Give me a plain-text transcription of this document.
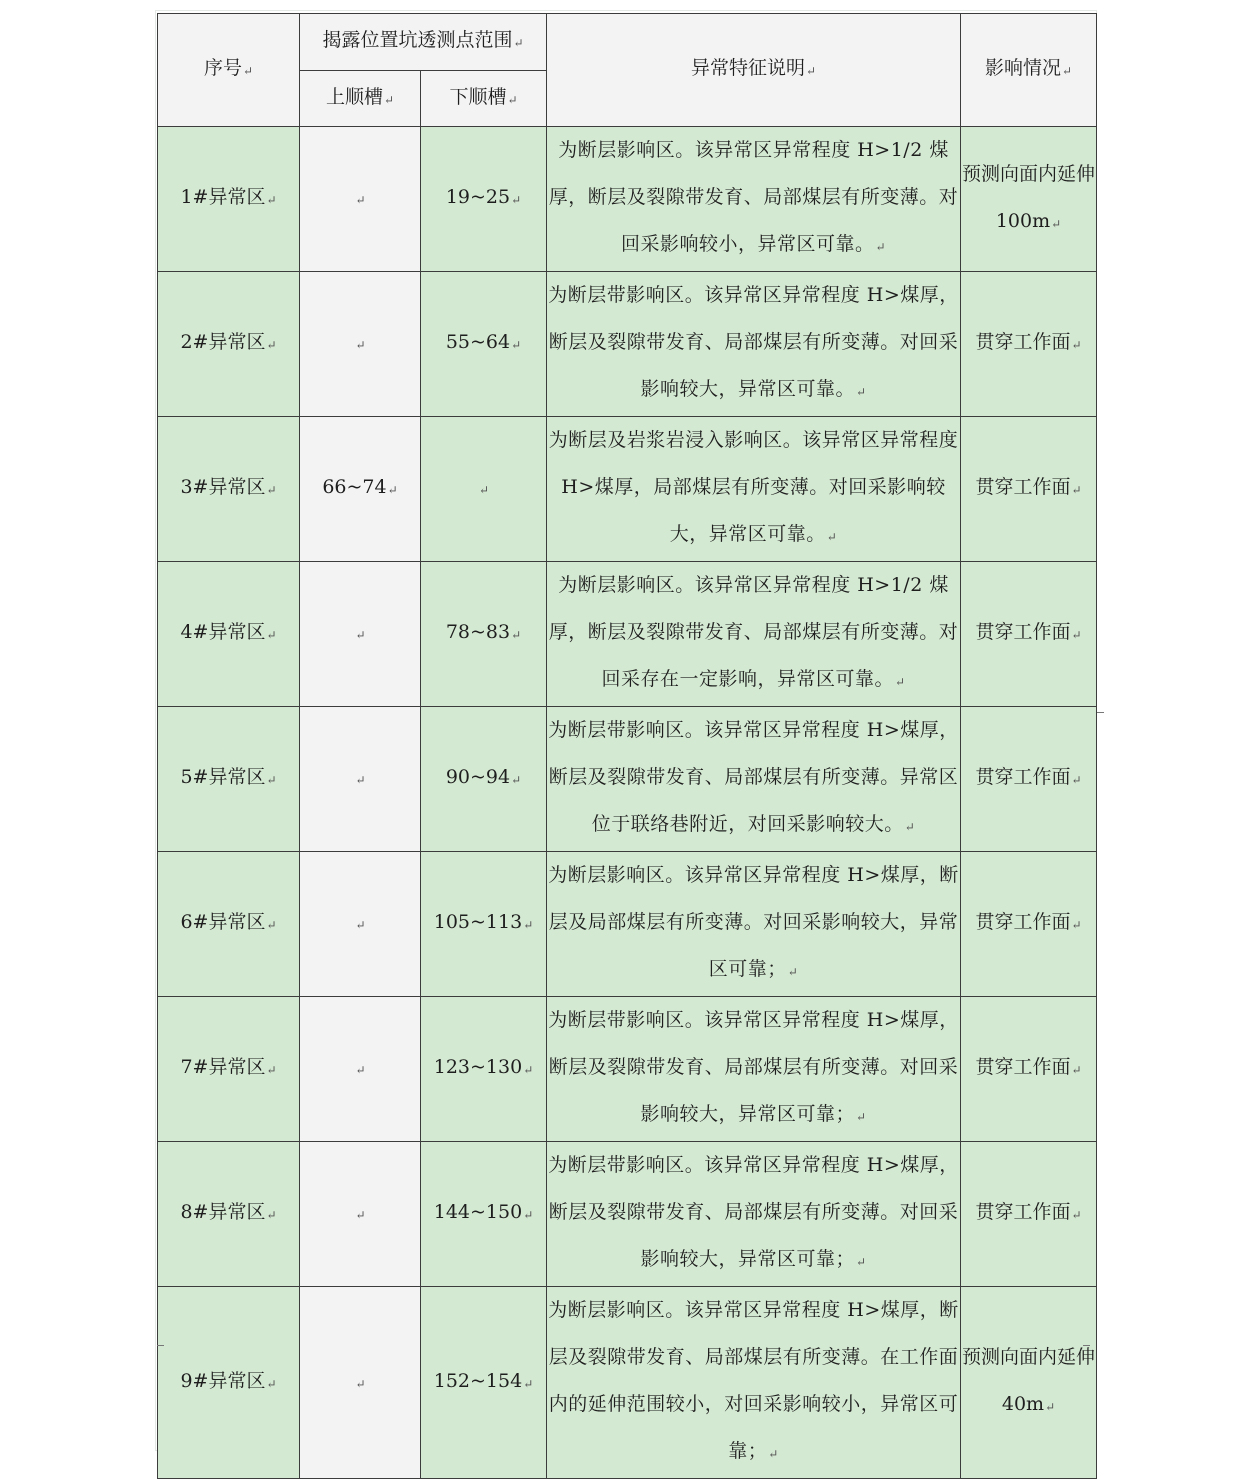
序号↵	揭露位置坑透测点范围↵		异常特征说明↵	影响情况↵
	上顺槽↵	下顺槽↵		
1#异常区↵	↵	19~25↵	为断层影响区。该异常区异常程度 H>1/2 煤厚，断层及裂隙带发育、局部煤层有所变薄。对回采影响较小，异常区可靠。↵	预测向面内延伸 100m↵
2#异常区↵	↵	55~64↵	为断层带影响区。该异常区异常程度 H>煤厚，断层及裂隙带发育、局部煤层有所变薄。对回采影响较大，异常区可靠。↵	贯穿工作面↵
3#异常区↵	66~74↵	↵	为断层及岩浆岩浸入影响区。该异常区异常程度 H>煤厚，局部煤层有所变薄。对回采影响较大，异常区可靠。↵	贯穿工作面↵
4#异常区↵	↵	78~83↵	为断层影响区。该异常区异常程度 H>1/2 煤厚，断层及裂隙带发育、局部煤层有所变薄。对回采存在一定影响，异常区可靠。↵	贯穿工作面↵
5#异常区↵	↵	90~94↵	为断层带影响区。该异常区异常程度 H>煤厚，断层及裂隙带发育、局部煤层有所变薄。异常区位于联络巷附近，对回采影响较大。↵	贯穿工作面↵
6#异常区↵	↵	105~113↵	为断层影响区。该异常区异常程度 H>煤厚，断层及局部煤层有所变薄。对回采影响较大，异常区可靠；↵	贯穿工作面↵
7#异常区↵	↵	123~130↵	为断层带影响区。该异常区异常程度 H>煤厚，断层及裂隙带发育、局部煤层有所变薄。对回采影响较大，异常区可靠；↵	贯穿工作面↵
8#异常区↵	↵	144~150↵	为断层带影响区。该异常区异常程度 H>煤厚，断层及裂隙带发育、局部煤层有所变薄。对回采影响较大，异常区可靠；↵	贯穿工作面↵
9#异常区↵	↵	152~154↵	为断层影响区。该异常区异常程度 H>煤厚，断层及裂隙带发育、局部煤层有所变薄。在工作面内的延伸范围较小，对回采影响较小，异常区可靠；↵	预测向面内延伸 40m↵
